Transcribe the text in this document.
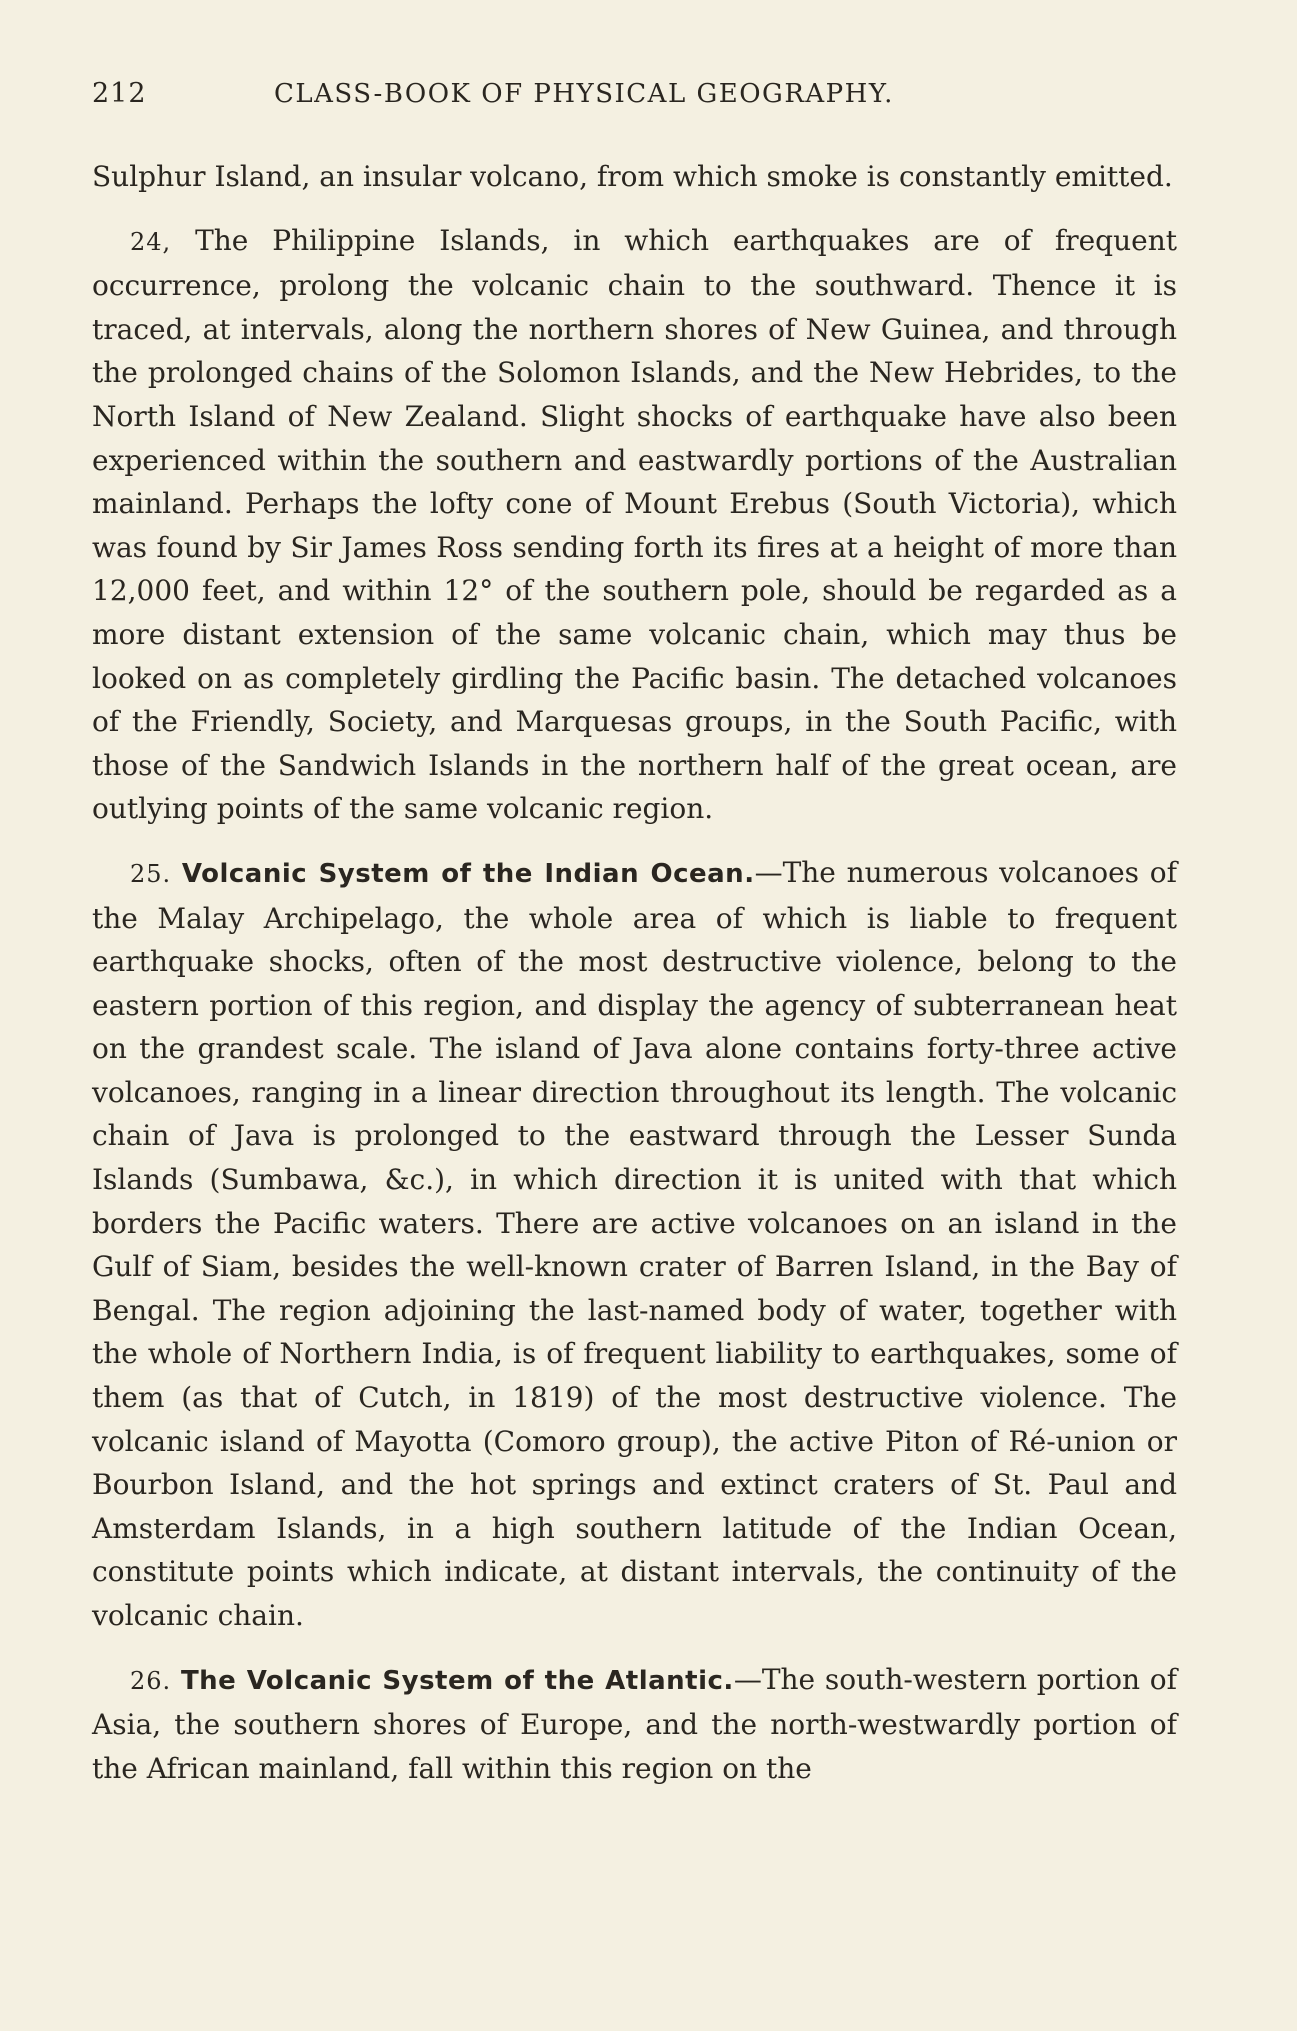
212	CLASS-BOOK OF PHYSICAL GEOGRAPHY.

Sulphur Island, an insular volcano, from which smoke is constantly emitted.

24, The Philippine Islands, in which earthquakes are of frequent occurrence, prolong the volcanic chain to the southward. Thence it is traced, at intervals, along the northern shores of New Guinea, and through the prolonged chains of the Solomon Islands, and the New Hebrides, to the North Island of New Zealand. Slight shocks of earthquake have also been experienced within the southern and eastwardly portions of the Australian mainland. Perhaps the lofty cone of Mount Erebus (South Victoria), which was found by Sir James Ross sending forth its fires at a height of more than 12,000 feet, and within 12° of the southern pole, should be regarded as a more distant extension of the same volcanic chain, which may thus be looked on as completely girdling the Pacific basin. The detached volcanoes of the Friendly, Society, and Marquesas groups, in the South Pacific, with those of the Sandwich Islands in the northern half of the great ocean, are outlying points of the same volcanic region.

25. Volcanic System of the Indian Ocean.—The numerous volcanoes of the Malay Archipelago, the whole area of which is liable to frequent earthquake shocks, often of the most destructive violence, belong to the eastern portion of this region, and display the agency of subterranean heat on the grandest scale. The island of Java alone contains forty-three active volcanoes, ranging in a linear direction throughout its length. The volcanic chain of Java is prolonged to the eastward through the Lesser Sunda Islands (Sumbawa, &c.), in which direction it is united with that which borders the Pacific waters. There are active volcanoes on an island in the Gulf of Siam, besides the well-known crater of Barren Island, in the Bay of Bengal. The region adjoining the last-named body of water, together with the whole of Northern India, is of frequent liability to earthquakes, some of them (as that of Cutch, in 1819) of the most destructive violence. The volcanic island of Mayotta (Comoro group), the active Piton of Ré-union or Bourbon Island, and the hot springs and extinct craters of St. Paul and Amsterdam Islands, in a high southern latitude of the Indian Ocean, constitute points which indicate, at distant intervals, the continuity of the volcanic chain.

26. The Volcanic System of the Atlantic.—The south-western portion of Asia, the southern shores of Europe, and the north-westwardly portion of the African mainland, fall within this region on the
